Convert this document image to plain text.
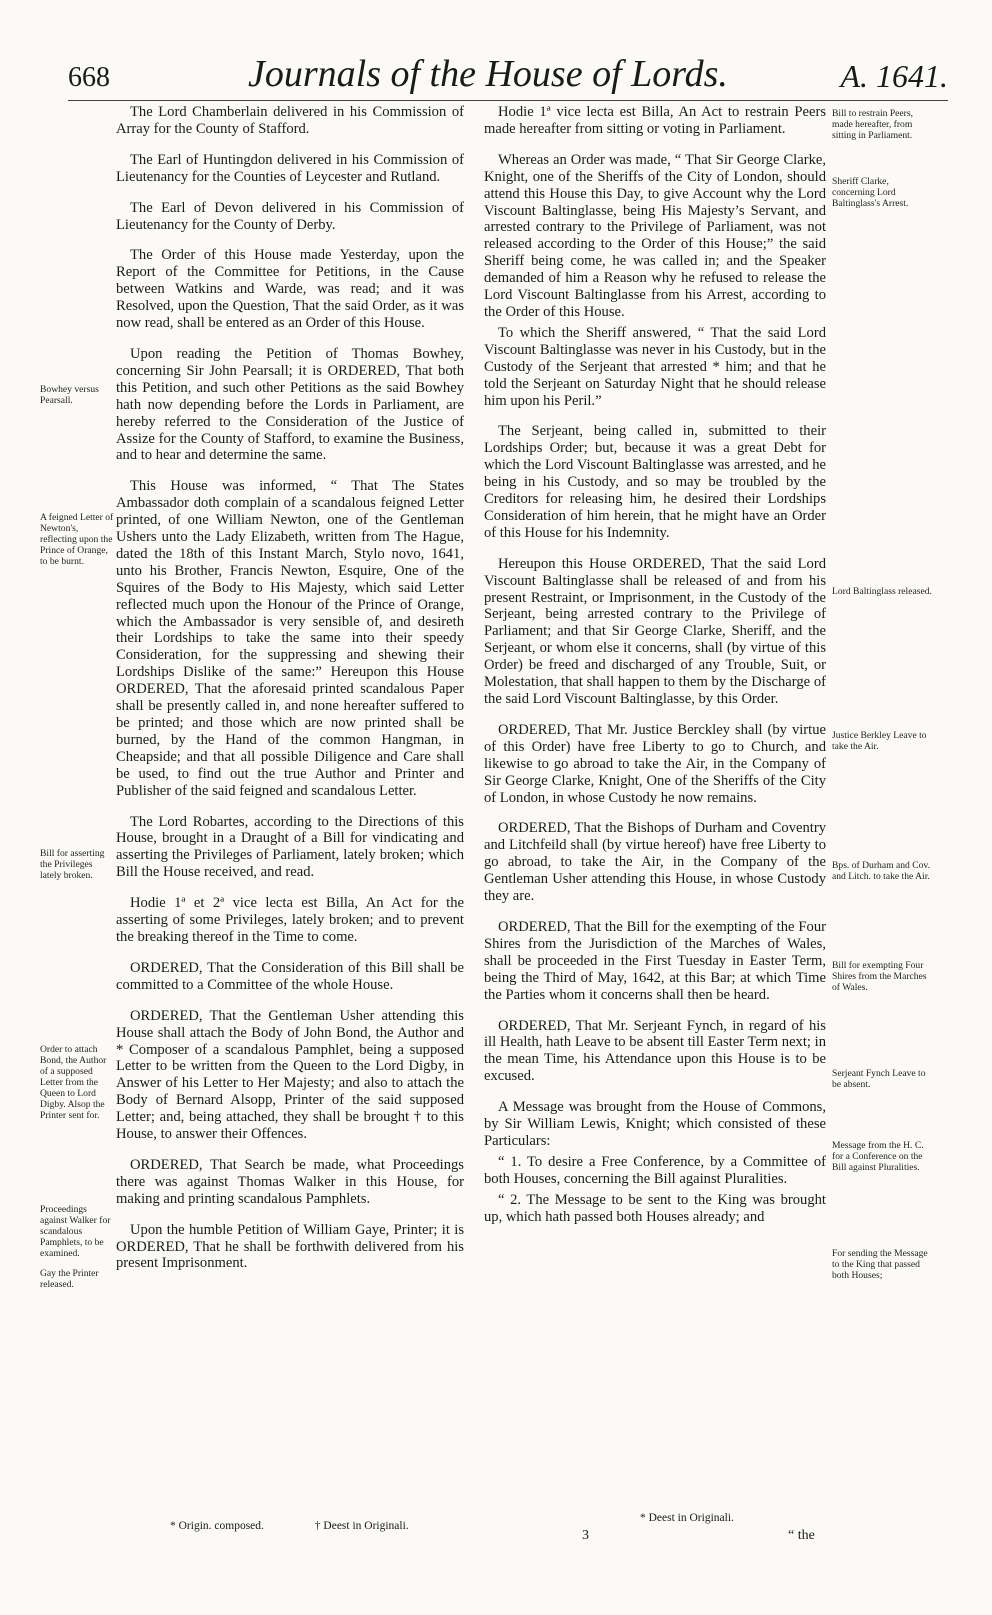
668	Journals of the House of Lords.	A. 1641.

The Lord Chamberlain delivered in his Commission of Array for the County of Stafford.

The Earl of Huntingdon delivered in his Commission of Lieutenancy for the Counties of Leycester and Rutland.

The Earl of Devon delivered in his Commission of Lieutenancy for the County of Derby.

The Order of this House made Yesterday, upon the Report of the Committee for Petitions, in the Cause between Watkins and Warde, was read; and it was Resolved, upon the Question, That the said Order, as it was now read, shall be entered as an Order of this House.

Upon reading the Petition of Thomas Bowhey, concerning Sir John Pearsall; it is ORDERED, That both this Petition, and such other Petitions as the said Bowhey hath now depending before the Lords in Parliament, are hereby referred to the Consideration of the Justice of Assize for the County of Stafford, to examine the Business, and to hear and determine the same.

This House was informed, “ That The States Ambassador doth complain of a scandalous feigned Letter printed, of one William Newton, one of the Gentleman Ushers unto the Lady Elizabeth, written from The Hague, dated the 18th of this Instant March, Stylo novo, 1641, unto his Brother, Francis Newton, Esquire, One of the Squires of the Body to His Majesty, which said Letter reflected much upon the Honour of the Prince of Orange, which the Ambassador is very sensible of, and desireth their Lordships to take the same into their speedy Consideration, for the suppressing and shewing their Lordships Dislike of the same:” Hereupon this House ORDERED, That the aforesaid printed scandalous Paper shall be presently called in, and none hereafter suffered to be printed; and those which are now printed shall be burned, by the Hand of the common Hangman, in Cheapside; and that all possible Diligence and Care shall be used, to find out the true Author and Printer and Publisher of the said feigned and scandalous Letter.

The Lord Robartes, according to the Directions of this House, brought in a Draught of a Bill for vindicating and asserting the Privileges of Parliament, lately broken; which Bill the House received, and read.

Hodie 1ª et 2ª vice lecta est Billa, An Act for the asserting of some Privileges, lately broken; and to prevent the breaking thereof in the Time to come.

ORDERED, That the Consideration of this Bill shall be committed to a Committee of the whole House.

ORDERED, That the Gentleman Usher attending this House shall attach the Body of John Bond, the Author and * Composer of a scandalous Pamphlet, being a supposed Letter to be written from the Queen to the Lord Digby, in Answer of his Letter to Her Majesty; and also to attach the Body of Bernard Alsopp, Printer of the said supposed Letter; and, being attached, they shall be brought † to this House, to answer their Offences.

ORDERED, That Search be made, what Proceedings there was against Thomas Walker in this House, for making and printing scandalous Pamphlets.

Upon the humble Petition of William Gaye, Printer; it is ORDERED, That he shall be forthwith delivered from his present Imprisonment.

Hodie 1ª vice lecta est Billa, An Act to restrain Peers made hereafter from sitting or voting in Parliament.

Whereas an Order was made, “ That Sir George Clarke, Knight, one of the Sheriffs of the City of London, should attend this House this Day, to give Account why the Lord Viscount Baltinglasse, being His Majesty’s Servant, and arrested contrary to the Privilege of Parliament, was not released according to the Order of this House;” the said Sheriff being come, he was called in; and the Speaker demanded of him a Reason why he refused to release the Lord Viscount Baltinglasse from his Arrest, according to the Order of this House.

To which the Sheriff answered, “ That the said Lord Viscount Baltinglasse was never in his Custody, but in the Custody of the Serjeant that arrested * him; and that he told the Serjeant on Saturday Night that he should release him upon his Peril.”

The Serjeant, being called in, submitted to their Lordships Order; but, because it was a great Debt for which the Lord Viscount Baltinglasse was arrested, and he being in his Custody, and so may be troubled by the Creditors for releasing him, he desired their Lordships Consideration of him herein, that he might have an Order of this House for his Indemnity.

Hereupon this House ORDERED, That the said Lord Viscount Baltinglasse shall be released of and from his present Restraint, or Imprisonment, in the Custody of the Serjeant, being arrested contrary to the Privilege of Parliament; and that Sir George Clarke, Sheriff, and the Serjeant, or whom else it concerns, shall (by virtue of this Order) be freed and discharged of any Trouble, Suit, or Molestation, that shall happen to them by the Discharge of the said Lord Viscount Baltinglasse, by this Order.

ORDERED, That Mr. Justice Berckley shall (by virtue of this Order) have free Liberty to go to Church, and likewise to go abroad to take the Air, in the Company of Sir George Clarke, Knight, One of the Sheriffs of the City of London, in whose Custody he now remains.

ORDERED, That the Bishops of Durham and Coventry and Litchfeild shall (by virtue hereof) have free Liberty to go abroad, to take the Air, in the Company of the Gentleman Usher attending this House, in whose Custody they are.

ORDERED, That the Bill for the exempting of the Four Shires from the Jurisdiction of the Marches of Wales, shall be proceeded in the First Tuesday in Easter Term, being the Third of May, 1642, at this Bar; at which Time the Parties whom it concerns shall then be heard.

ORDERED, That Mr. Serjeant Fynch, in regard of his ill Health, hath Leave to be absent till Easter Term next; in the mean Time, his Attendance upon this House is to be excused.

A Message was brought from the House of Commons, by Sir William Lewis, Knight; which consisted of these Particulars:

“ 1. To desire a Free Conference, by a Committee of both Houses, concerning the Bill against Pluralities.

“ 2. The Message to be sent to the King was brought up, which hath passed both Houses already; and

Bowhey versus Pearsall.
A feigned Letter of Newton's, reflecting upon the Prince of Orange, to be burnt.
Bill for asserting the Privileges lately broken.
Order to attach Bond, the Author of a supposed Letter from the Queen to Lord Digby. Alsop the Printer sent for.
Proceedings against Walker for scandalous Pamphlets, to be examined.
Gay the Printer released.
Bill to restrain Peers, made hereafter, from sitting in Parliament.
Sheriff Clarke, concerning Lord Baltinglass's Arrest.
Lord Baltinglass released.
Justice Berkley Leave to take the Air.
Bps. of Durham and Cov. and Litch. to take the Air.
Bill for exempting Four Shires from the Marches of Wales.
Serjeant Fynch Leave to be absent.
Message from the H. C. for a Conference on the Bill against Pluralities.
For sending the Message to the King that passed both Houses;
* Origin. composed.	† Deest in Originali.
* Deest in Originali.
3	“ the
